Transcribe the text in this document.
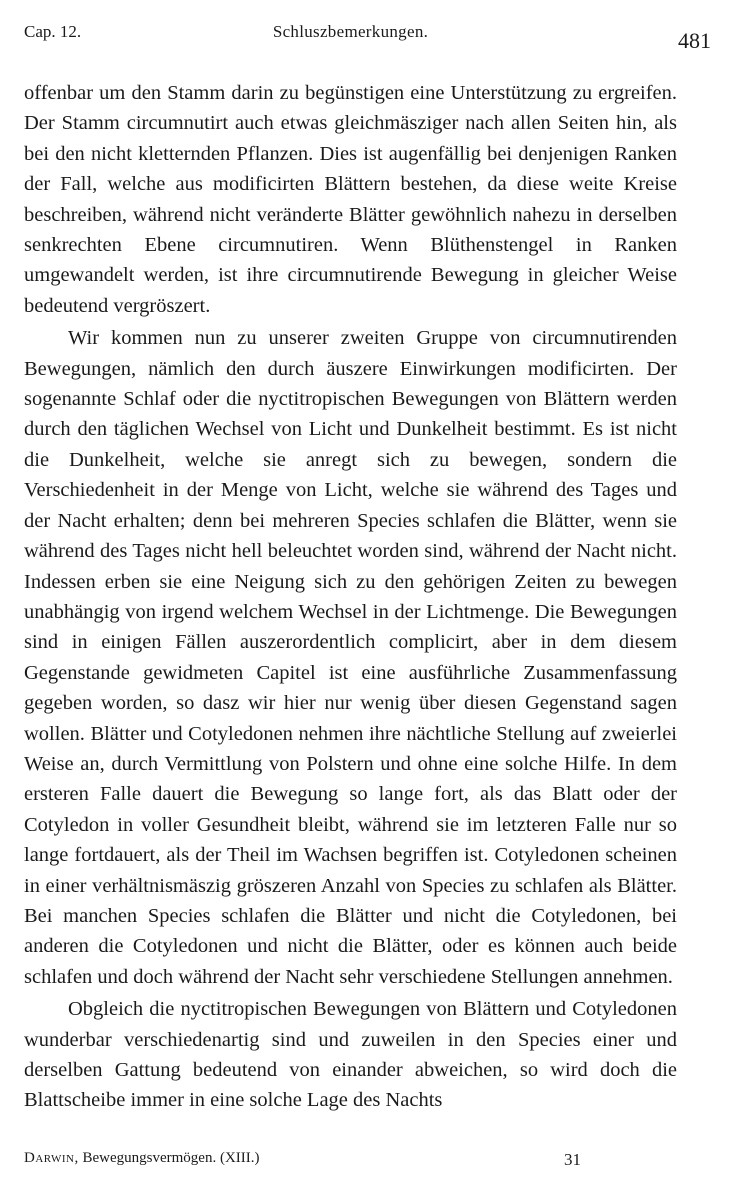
Cap. 12.	Schluszbemerkungen.	481

offenbar um den Stamm darin zu begünstigen eine Unterstützung zu ergreifen. Der Stamm circumnutirt auch etwas gleichmäsziger nach allen Seiten hin, als bei den nicht kletternden Pflanzen. Dies ist augenfällig bei denjenigen Ranken der Fall, welche aus modificirten Blättern bestehen, da diese weite Kreise beschreiben, während nicht veränderte Blätter gewöhnlich nahezu in derselben senkrechten Ebene circumnutiren. Wenn Blüthenstengel in Ranken umgewandelt werden, ist ihre circumnutirende Bewegung in gleicher Weise bedeutend vergröszert.

Wir kommen nun zu unserer zweiten Gruppe von circumnutirenden Bewegungen, nämlich den durch äuszere Einwirkungen modificirten. Der sogenannte Schlaf oder die nyctitropischen Bewegungen von Blättern werden durch den täglichen Wechsel von Licht und Dunkelheit bestimmt. Es ist nicht die Dunkelheit, welche sie anregt sich zu bewegen, sondern die Verschiedenheit in der Menge von Licht, welche sie während des Tages und der Nacht erhalten; denn bei mehreren Species schlafen die Blätter, wenn sie während des Tages nicht hell beleuchtet worden sind, während der Nacht nicht. Indessen erben sie eine Neigung sich zu den gehörigen Zeiten zu bewegen unabhängig von irgend welchem Wechsel in der Lichtmenge. Die Bewegungen sind in einigen Fällen auszerordentlich complicirt, aber in dem diesem Gegenstande gewidmeten Capitel ist eine ausführliche Zusammenfassung gegeben worden, so dasz wir hier nur wenig über diesen Gegenstand sagen wollen. Blätter und Cotyledonen nehmen ihre nächtliche Stellung auf zweierlei Weise an, durch Vermittlung von Polstern und ohne eine solche Hilfe. In dem ersteren Falle dauert die Bewegung so lange fort, als das Blatt oder der Cotyledon in voller Gesundheit bleibt, während sie im letzteren Falle nur so lange fortdauert, als der Theil im Wachsen begriffen ist. Cotyledonen scheinen in einer verhältnismäszig gröszeren Anzahl von Species zu schlafen als Blätter. Bei manchen Species schlafen die Blätter und nicht die Cotyledonen, bei anderen die Cotyledonen und nicht die Blätter, oder es können auch beide schlafen und doch während der Nacht sehr verschiedene Stellungen annehmen.

Obgleich die nyctitropischen Bewegungen von Blättern und Cotyledonen wunderbar verschiedenartig sind und zuweilen in den Species einer und derselben Gattung bedeutend von einander abweichen, so wird doch die Blattscheibe immer in eine solche Lage des Nachts

Darwin, Bewegungsvermögen. (XIII.)	31
